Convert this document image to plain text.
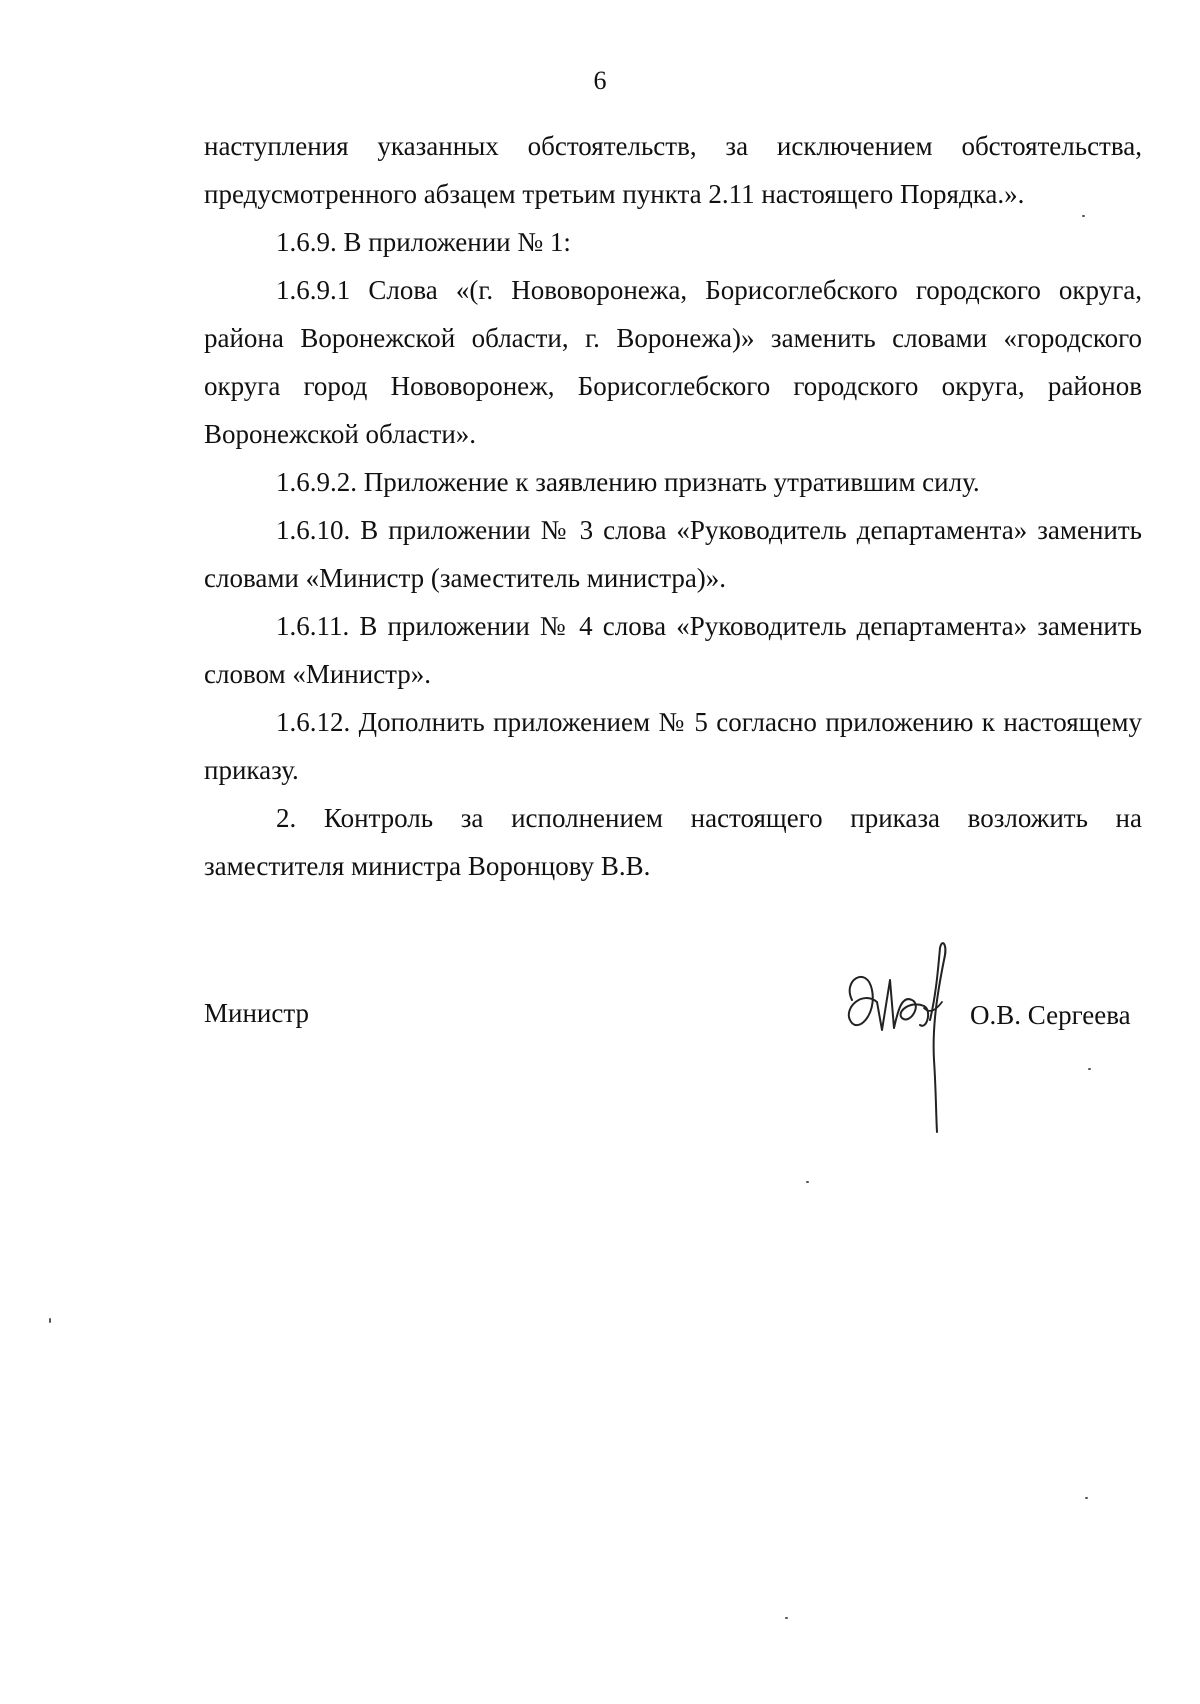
6

наступления указанных обстоятельств, за исключением обстоятельства, предусмотренного абзацем третьим пункта 2.11 настоящего Порядка.».

1.6.9. В приложении № 1:

1.6.9.1 Слова «(г. Нововоронежа, Борисоглебского городского округа, района Воронежской области, г. Воронежа)» заменить словами «городского округа город Нововоронеж, Борисоглебского городского округа, районов Воронежской области».

1.6.9.2. Приложение к заявлению признать утратившим силу.

1.6.10. В приложении № 3 слова «Руководитель департамента» заменить словами «Министр (заместитель министра)».

1.6.11. В приложении № 4 слова «Руководитель департамента» заменить словом «Министр».

1.6.12. Дополнить приложением № 5 согласно приложению к настоящему приказу.

2. Контроль за исполнением настоящего приказа возложить на заместителя министра Воронцову В.В.

Министр	О.В. Сергеева
